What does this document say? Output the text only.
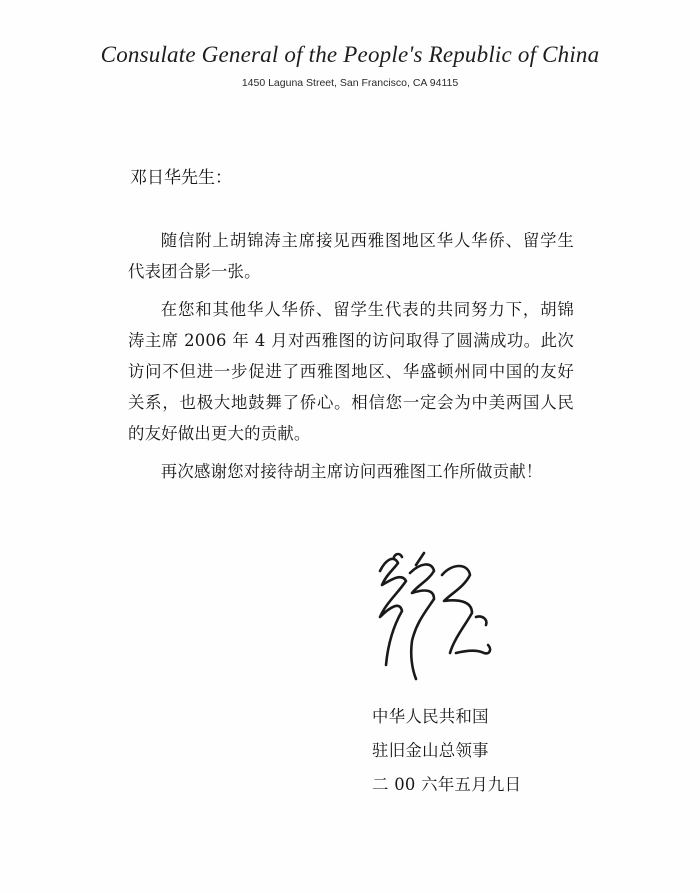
Consulate General of the People's Republic of China
1450 Laguna Street, San Francisco, CA 94115
邓日华先生：

随信附上胡锦涛主席接见西雅图地区华人华侨、留学生代表团合影一张。

在您和其他华人华侨、留学生代表的共同努力下，胡锦涛主席 2006 年 4 月对西雅图的访问取得了圆满成功。此次访问不但进一步促进了西雅图地区、华盛顿州同中国的友好关系，也极大地鼓舞了侨心。相信您一定会为中美两国人民的友好做出更大的贡献。

再次感谢您对接待胡主席访问西雅图工作所做贡献！

中华人民共和国
驻旧金山总领事
二 00 六年五月九日
